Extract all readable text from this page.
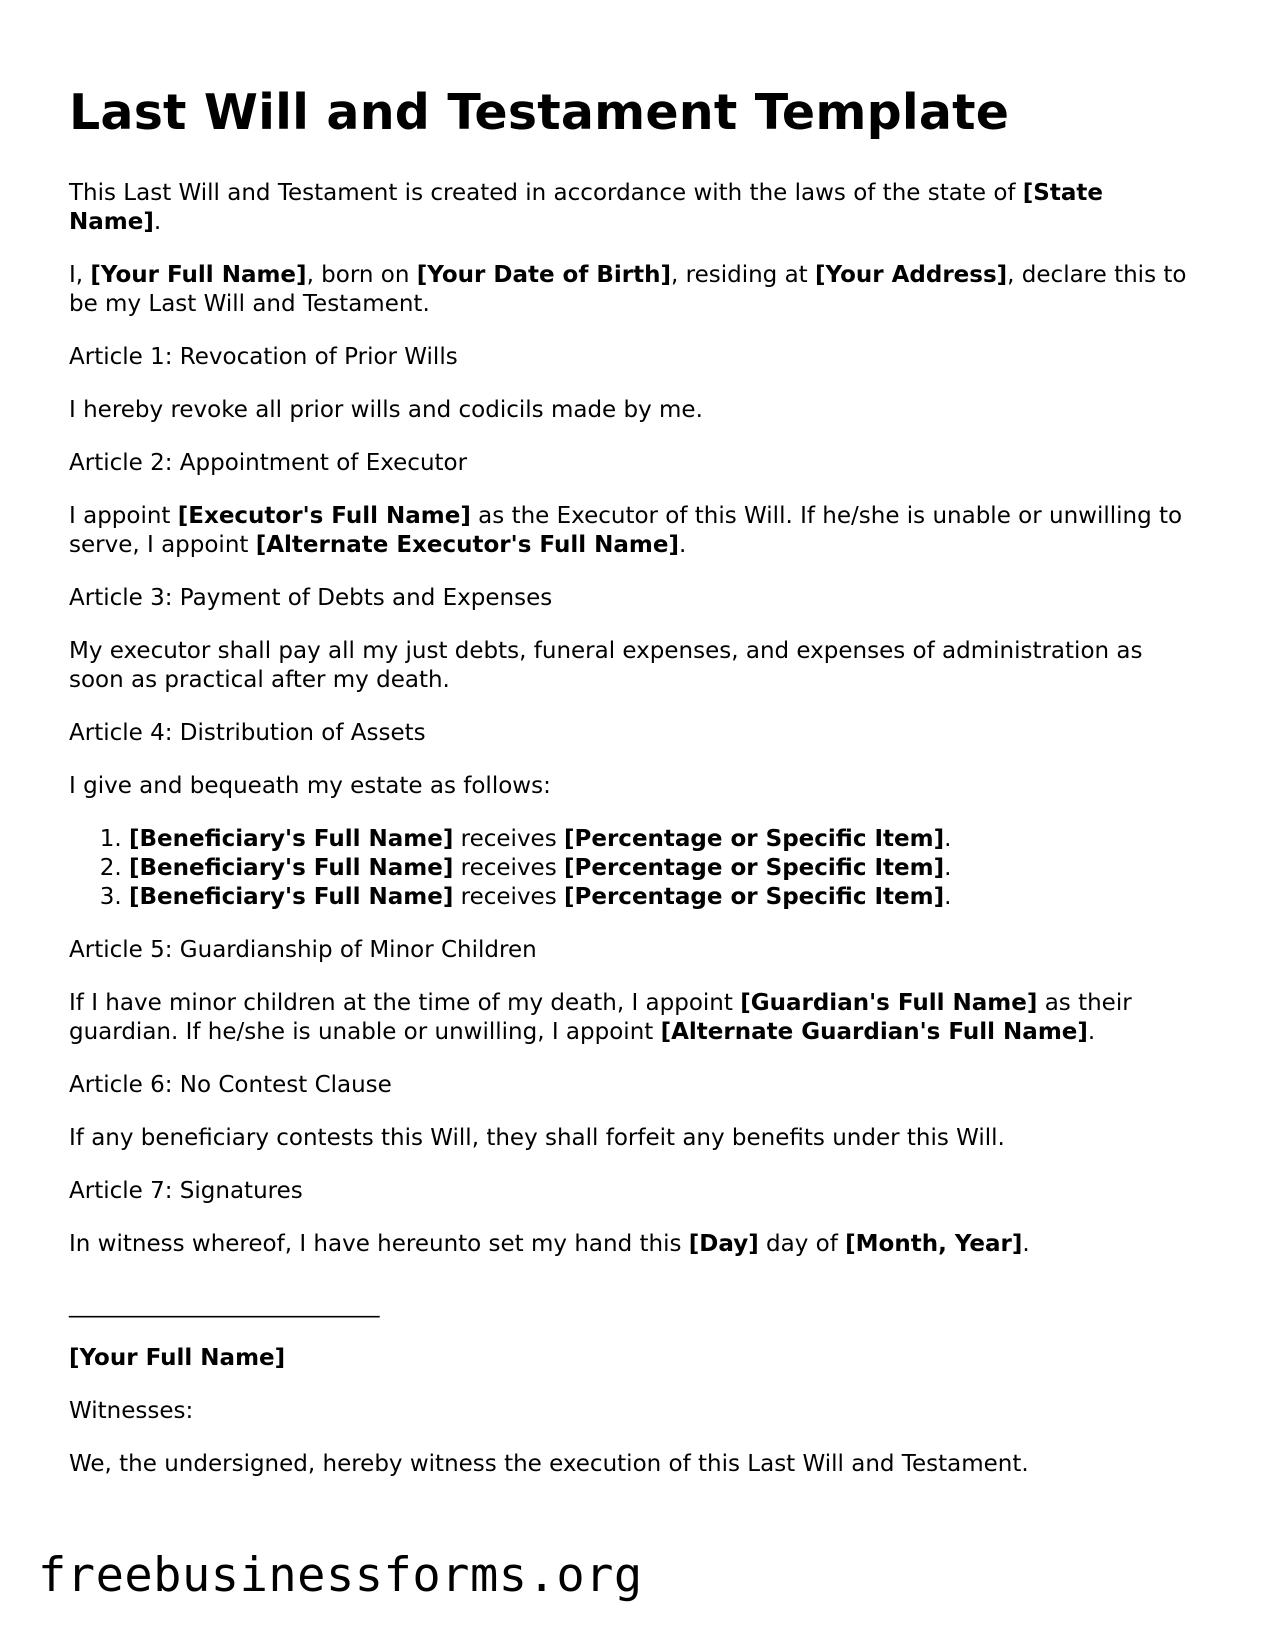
Last Will and Testament Template

This Last Will and Testament is created in accordance with the laws of the state of [State Name].

I, [Your Full Name], born on [Your Date of Birth], residing at [Your Address], declare this to be my Last Will and Testament.

Article 1: Revocation of Prior Wills

I hereby revoke all prior wills and codicils made by me.

Article 2: Appointment of Executor

I appoint [Executor's Full Name] as the Executor of this Will. If he/she is unable or unwilling to serve, I appoint [Alternate Executor's Full Name].

Article 3: Payment of Debts and Expenses

My executor shall pay all my just debts, funeral expenses, and expenses of administration as soon as practical after my death.

Article 4: Distribution of Assets

I give and bequeath my estate as follows:

1. [Beneficiary's Full Name] receives [Percentage or Specific Item].
2. [Beneficiary's Full Name] receives [Percentage or Specific Item].
3. [Beneficiary's Full Name] receives [Percentage or Specific Item].

Article 5: Guardianship of Minor Children

If I have minor children at the time of my death, I appoint [Guardian's Full Name] as their guardian. If he/she is unable or unwilling, I appoint [Alternate Guardian's Full Name].

Article 6: No Contest Clause

If any beneficiary contests this Will, they shall forfeit any benefits under this Will.

Article 7: Signatures

In witness whereof, I have hereunto set my hand this [Day] day of [Month, Year].

___________________________

[Your Full Name]

Witnesses:

We, the undersigned, hereby witness the execution of this Last Will and Testament.

freebusinessforms.org
